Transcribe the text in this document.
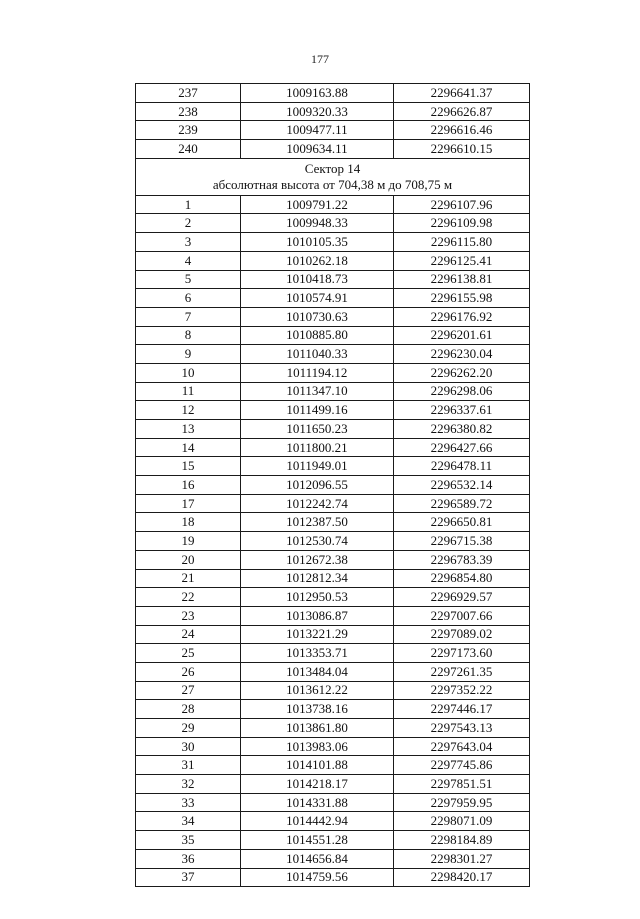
177
237	1009163.88	2296641.37
238	1009320.33	2296626.87
239	1009477.11	2296616.46
240	1009634.11	2296610.15

Сектор 14
абсолютная высота от 704,38 м до 708,75 м		

1	1009791.22	2296107.96
2	1009948.33	2296109.98
3	1010105.35	2296115.80
4	1010262.18	2296125.41
5	1010418.73	2296138.81
6	1010574.91	2296155.98
7	1010730.63	2296176.92
8	1010885.80	2296201.61
9	1011040.33	2296230.04
10	1011194.12	2296262.20
11	1011347.10	2296298.06
12	1011499.16	2296337.61
13	1011650.23	2296380.82
14	1011800.21	2296427.66
15	1011949.01	2296478.11
16	1012096.55	2296532.14
17	1012242.74	2296589.72
18	1012387.50	2296650.81
19	1012530.74	2296715.38
20	1012672.38	2296783.39
21	1012812.34	2296854.80
22	1012950.53	2296929.57
23	1013086.87	2297007.66
24	1013221.29	2297089.02
25	1013353.71	2297173.60
26	1013484.04	2297261.35
27	1013612.22	2297352.22
28	1013738.16	2297446.17
29	1013861.80	2297543.13
30	1013983.06	2297643.04
31	1014101.88	2297745.86
32	1014218.17	2297851.51
33	1014331.88	2297959.95
34	1014442.94	2298071.09
35	1014551.28	2298184.89
36	1014656.84	2298301.27
37	1014759.56	2298420.17
